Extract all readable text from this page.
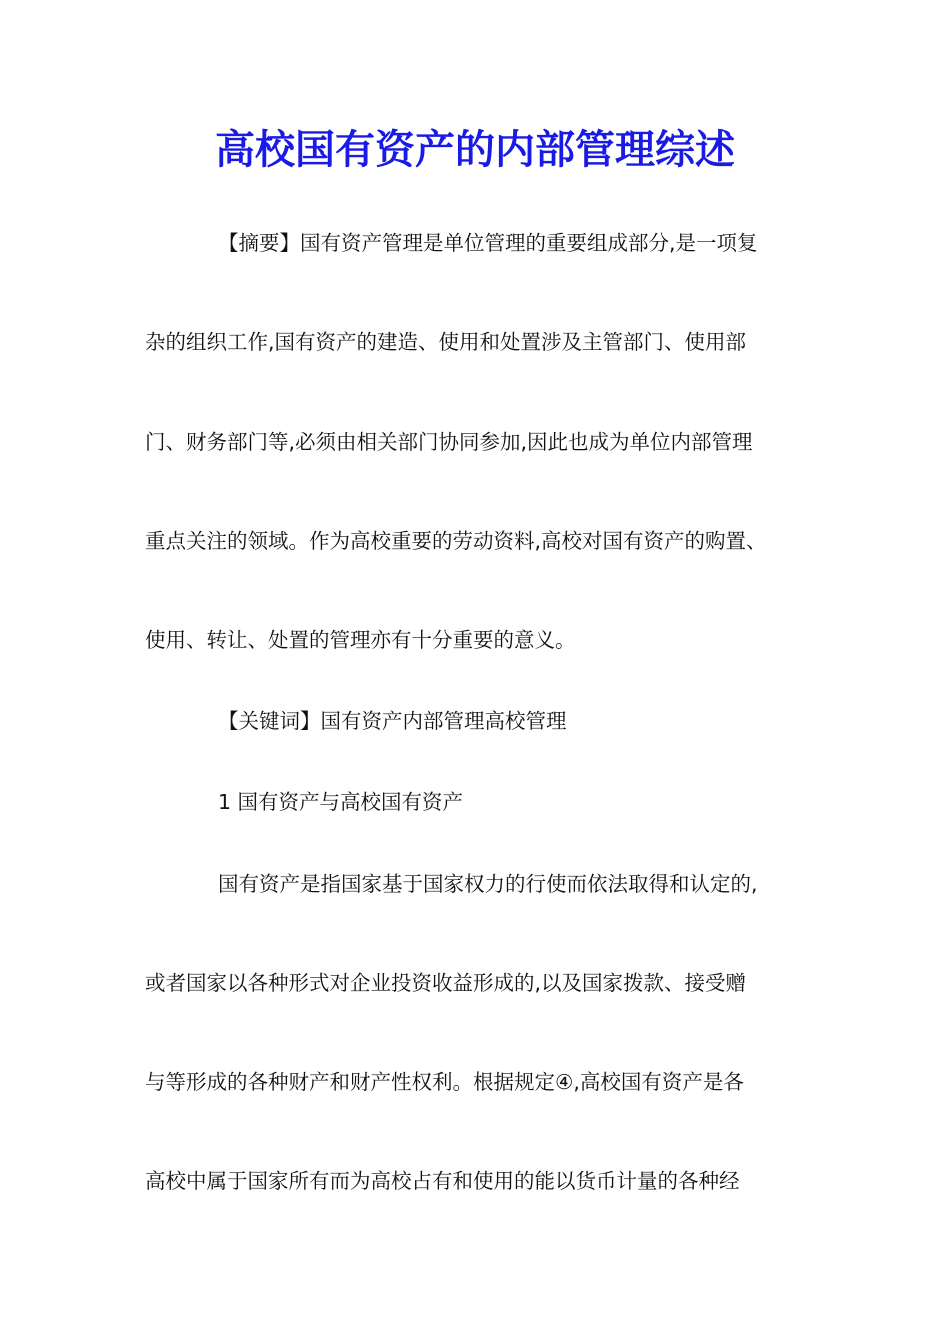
高校国有资产的内部管理综述

【摘要】国有资产管理是单位管理的重要组成部分,是一项复

杂的组织工作,国有资产的建造、使用和处置涉及主管部门、使用部

门、财务部门等,必须由相关部门协同参加,因此也成为单位内部管理

重点关注的领域。作为高校重要的劳动资料,高校对国有资产的购置、

使用、转让、处置的管理亦有十分重要的意义。

【关键词】国有资产内部管理高校管理

1 国有资产与高校国有资产

国有资产是指国家基于国家权力的行使而依法取得和认定的,

或者国家以各种形式对企业投资收益形成的,以及国家拨款、接受赠

与等形成的各种财产和财产性权利。根据规定④,高校国有资产是各

高校中属于国家所有而为高校占有和使用的能以货币计量的各种经
